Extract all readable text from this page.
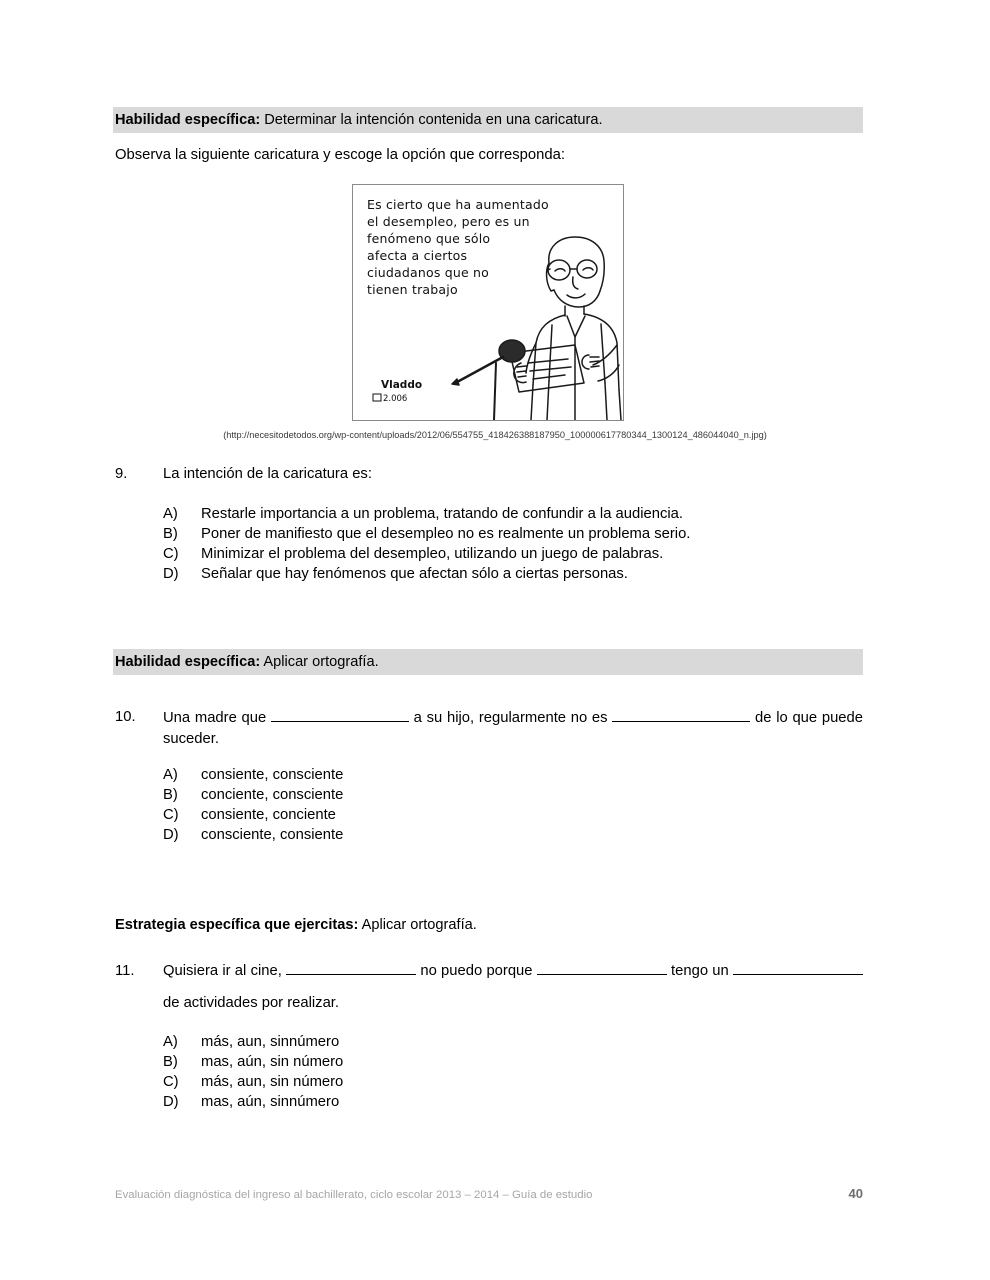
Habilidad específica: Determinar la intención contenida en una caricatura.
Observa la siguiente caricatura y escoge la opción que corresponda:
Es cierto que ha aumentado
el desempleo, pero es un
fenómeno que sólo
afecta a ciertos
ciudadanos que no
tienen trabajo
Vladdo
2.006
(http://necesitodetodos.org/wp-content/uploads/2012/06/554755_418426388187950_100000617780344_1300124_486044040_n.jpg)
9.	La intención de la caricatura es:
A) Restarle importancia a un problema, tratando de confundir a la audiencia.
B) Poner de manifiesto que el desempleo no es realmente un problema serio.
C) Minimizar el problema del desempleo, utilizando un juego de palabras.
D) Señalar que hay fenómenos que afectan sólo a ciertas personas.
Habilidad específica: Aplicar ortografía.
10.	Una madre que	a su hijo, regularmente no es	de lo que puede suceder.
A) consiente, consciente
B) conciente, consciente
C) consiente, conciente
D) consciente, consiente
Estrategia específica que ejercitas: Aplicar ortografía.
11.	Quisiera ir al cine,	no puedo porque	tengo un  de actividades por realizar.
A) más, aun, sinnúmero
B) mas, aún, sin número
C) más, aun, sin número
D) mas, aún, sinnúmero
Evaluación diagnóstica del ingreso al bachillerato, ciclo escolar 2013 – 2014 – Guía de estudio	40
